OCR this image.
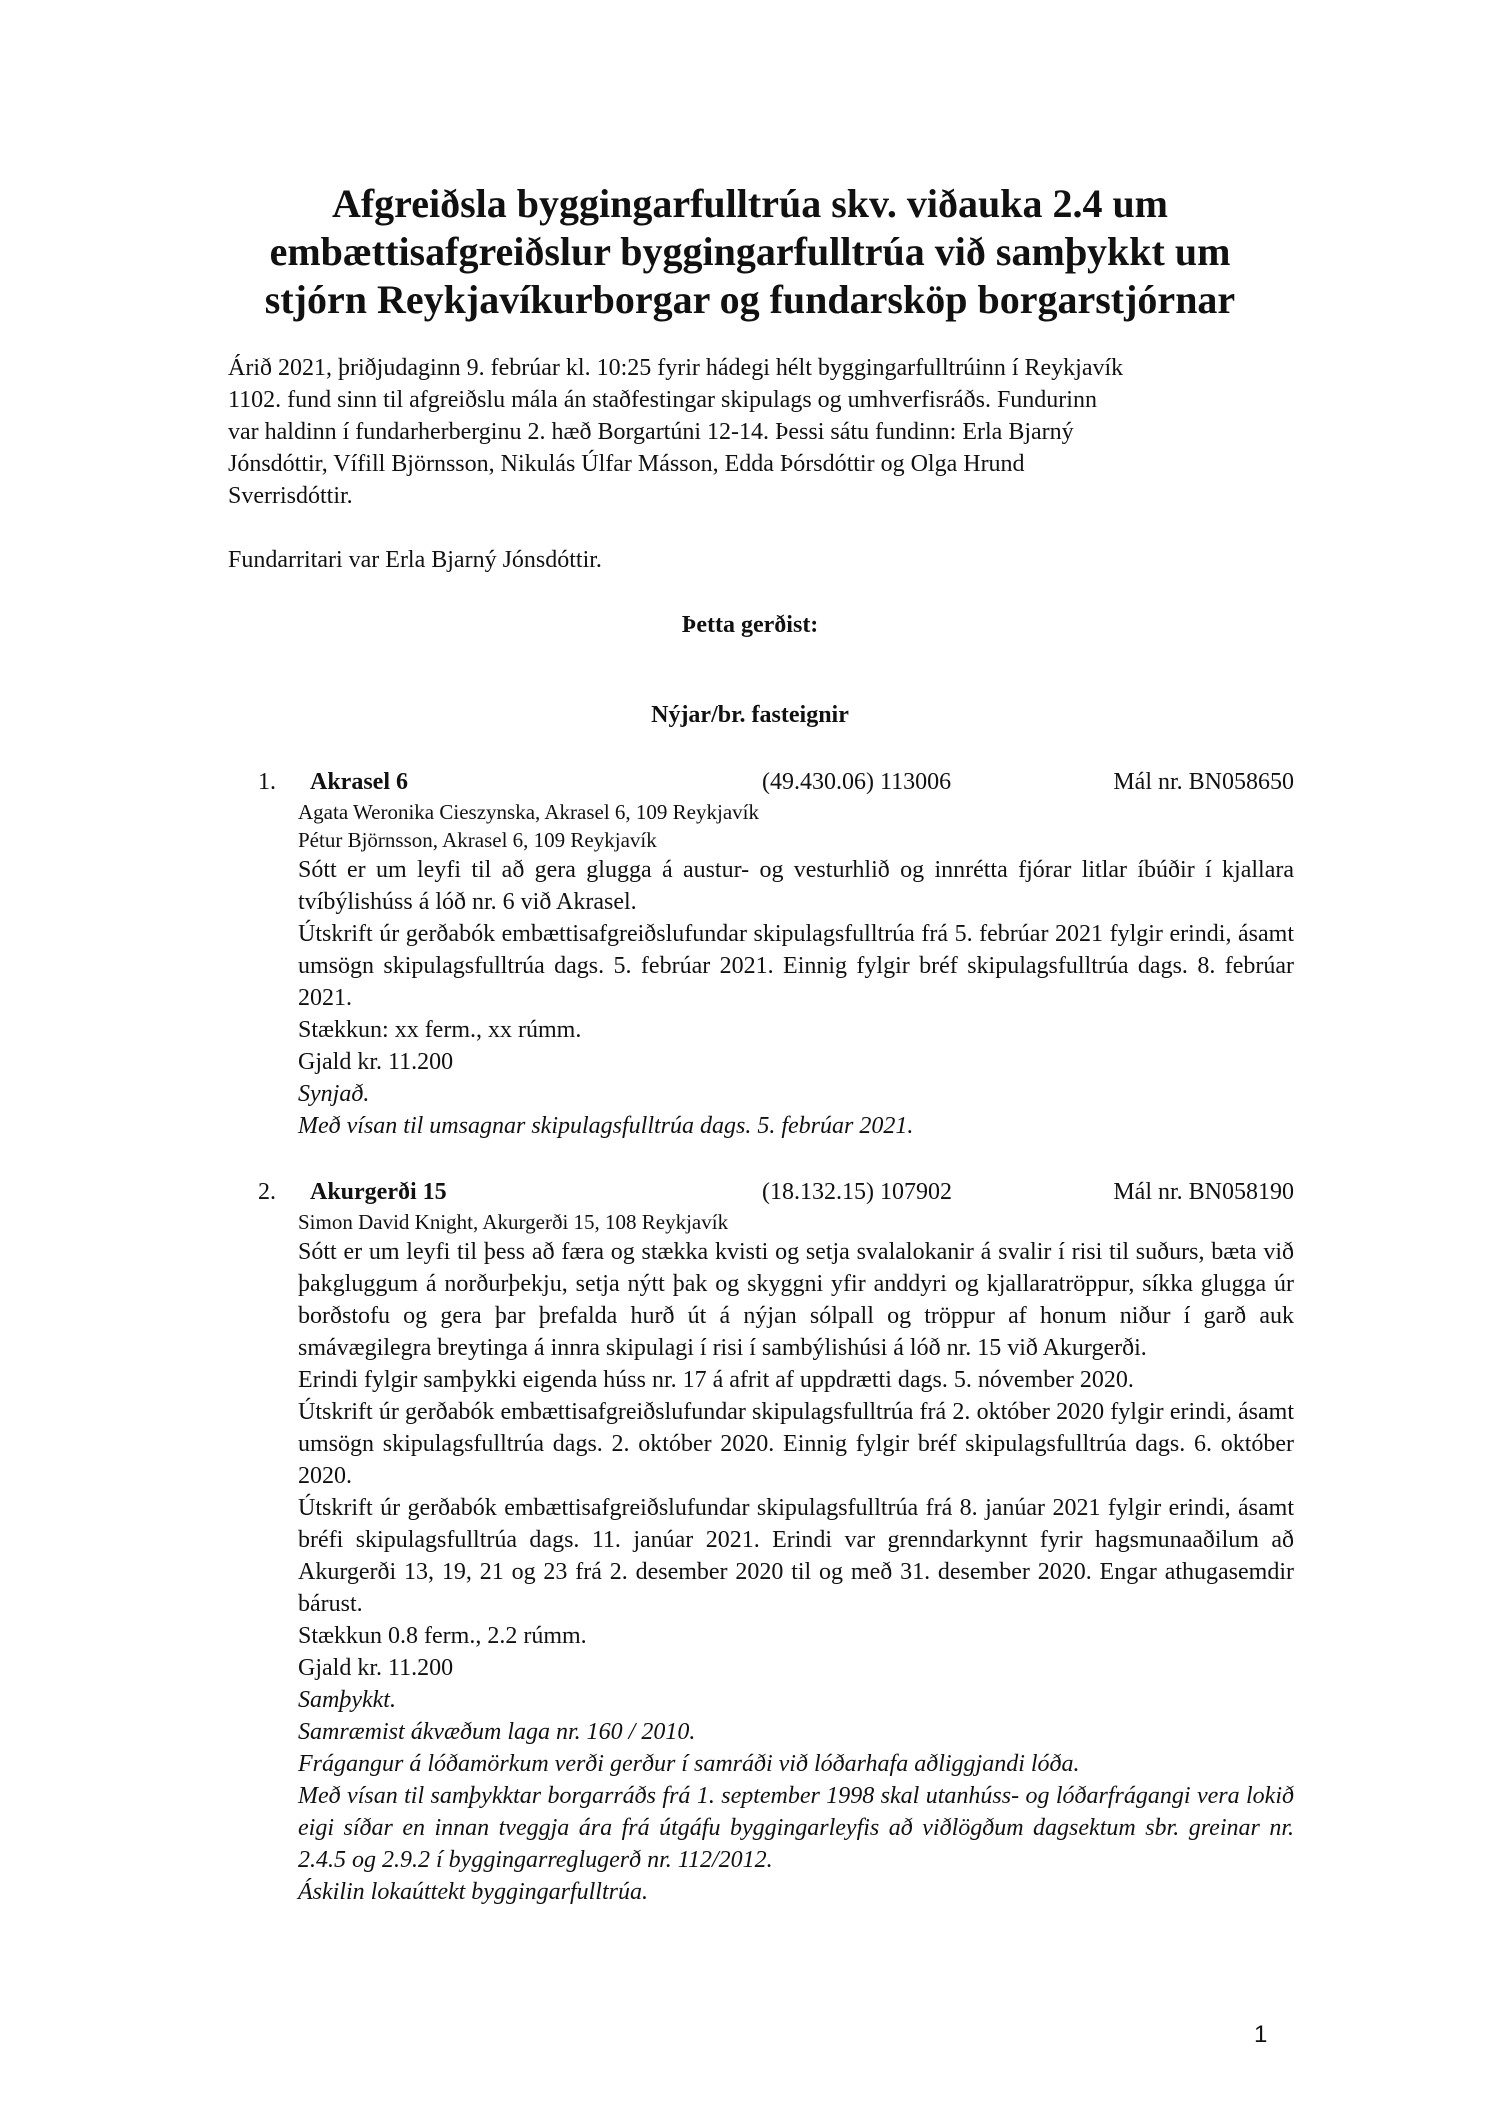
Afgreiðsla byggingarfulltrúa skv. viðauka 2.4 um
embættisafgreiðslur byggingarfulltrúa við samþykkt um
stjórn Reykjavíkurborgar og fundarsköp borgarstjórnar
Árið 2021, þriðjudaginn 9. febrúar kl. 10:25 fyrir hádegi hélt byggingarfulltrúinn í Reykjavík
1102. fund sinn til afgreiðslu mála án staðfestingar skipulags og umhverfisráðs. Fundurinn
var haldinn í fundarherberginu 2. hæð Borgartúni 12-14. Þessi sátu fundinn: Erla Bjarný
Jónsdóttir, Vífill Björnsson, Nikulás Úlfar Másson, Edda Þórsdóttir og Olga Hrund
Sverrisdóttir.
Fundarritari var Erla Bjarný Jónsdóttir.
Þetta gerðist:
Nýjar/br. fasteignir
1. Akrasel 6	(49.430.06) 113006	Mál nr. BN058650
Agata Weronika Cieszynska, Akrasel 6, 109 Reykjavík
Pétur Björnsson, Akrasel 6, 109 Reykjavík
Sótt er um leyfi til að gera glugga á austur- og vesturhlið og innrétta fjórar litlar íbúðir í kjallara tvíbýlishúss á lóð nr. 6 við Akrasel.
Útskrift úr gerðabók embættisafgreiðslufundar skipulagsfulltrúa frá 5. febrúar 2021 fylgir erindi, ásamt umsögn skipulagsfulltrúa dags. 5. febrúar 2021. Einnig fylgir bréf skipulagsfulltrúa dags. 8. febrúar 2021.
Stækkun: xx ferm., xx rúmm.
Gjald kr. 11.200
Synjað.
Með vísan til umsagnar skipulagsfulltrúa dags. 5. febrúar 2021.
2. Akurgerði 15	(18.132.15) 107902	Mál nr. BN058190
Simon David Knight, Akurgerði 15, 108 Reykjavík
Sótt er um leyfi til þess að færa og stækka kvisti og setja svalalokanir á svalir í risi til suðurs, bæta við þakgluggum á norðurþekju, setja nýtt þak og skyggni yfir anddyri og kjallaratröppur, síkka glugga úr borðstofu og gera þar þrefalda hurð út á nýjan sólpall og tröppur af honum niður í garð auk smávægilegra breytinga á innra skipulagi í risi í sambýlishúsi á lóð nr. 15 við Akurgerði.
Erindi fylgir samþykki eigenda húss nr. 17 á afrit af uppdrætti dags. 5. nóvember 2020.
Útskrift úr gerðabók embættisafgreiðslufundar skipulagsfulltrúa frá 2. október 2020 fylgir erindi, ásamt umsögn skipulagsfulltrúa dags. 2. október 2020. Einnig fylgir bréf skipulagsfulltrúa dags. 6. október 2020.
Útskrift úr gerðabók embættisafgreiðslufundar skipulagsfulltrúa frá 8. janúar 2021 fylgir erindi, ásamt bréfi skipulagsfulltrúa dags. 11. janúar 2021. Erindi var grenndarkynnt fyrir hagsmunaaðilum að Akurgerði 13, 19, 21 og 23 frá 2. desember 2020 til og með 31. desember 2020. Engar athugasemdir bárust.
Stækkun 0.8 ferm., 2.2 rúmm.
Gjald kr. 11.200
Samþykkt.
Samræmist ákvæðum laga nr. 160 / 2010.
Frágangur á lóðamörkum verði gerður í samráði við lóðarhafa aðliggjandi lóða.
Með vísan til samþykktar borgarráðs frá 1. september 1998 skal utanhúss- og lóðarfrágangi vera lokið eigi síðar en innan tveggja ára frá útgáfu byggingarleyfis að viðlögðum dagsektum sbr. greinar nr. 2.4.5 og 2.9.2 í byggingarreglugerð nr. 112/2012.
Áskilin lokaúttekt byggingarfulltrúa.
1
